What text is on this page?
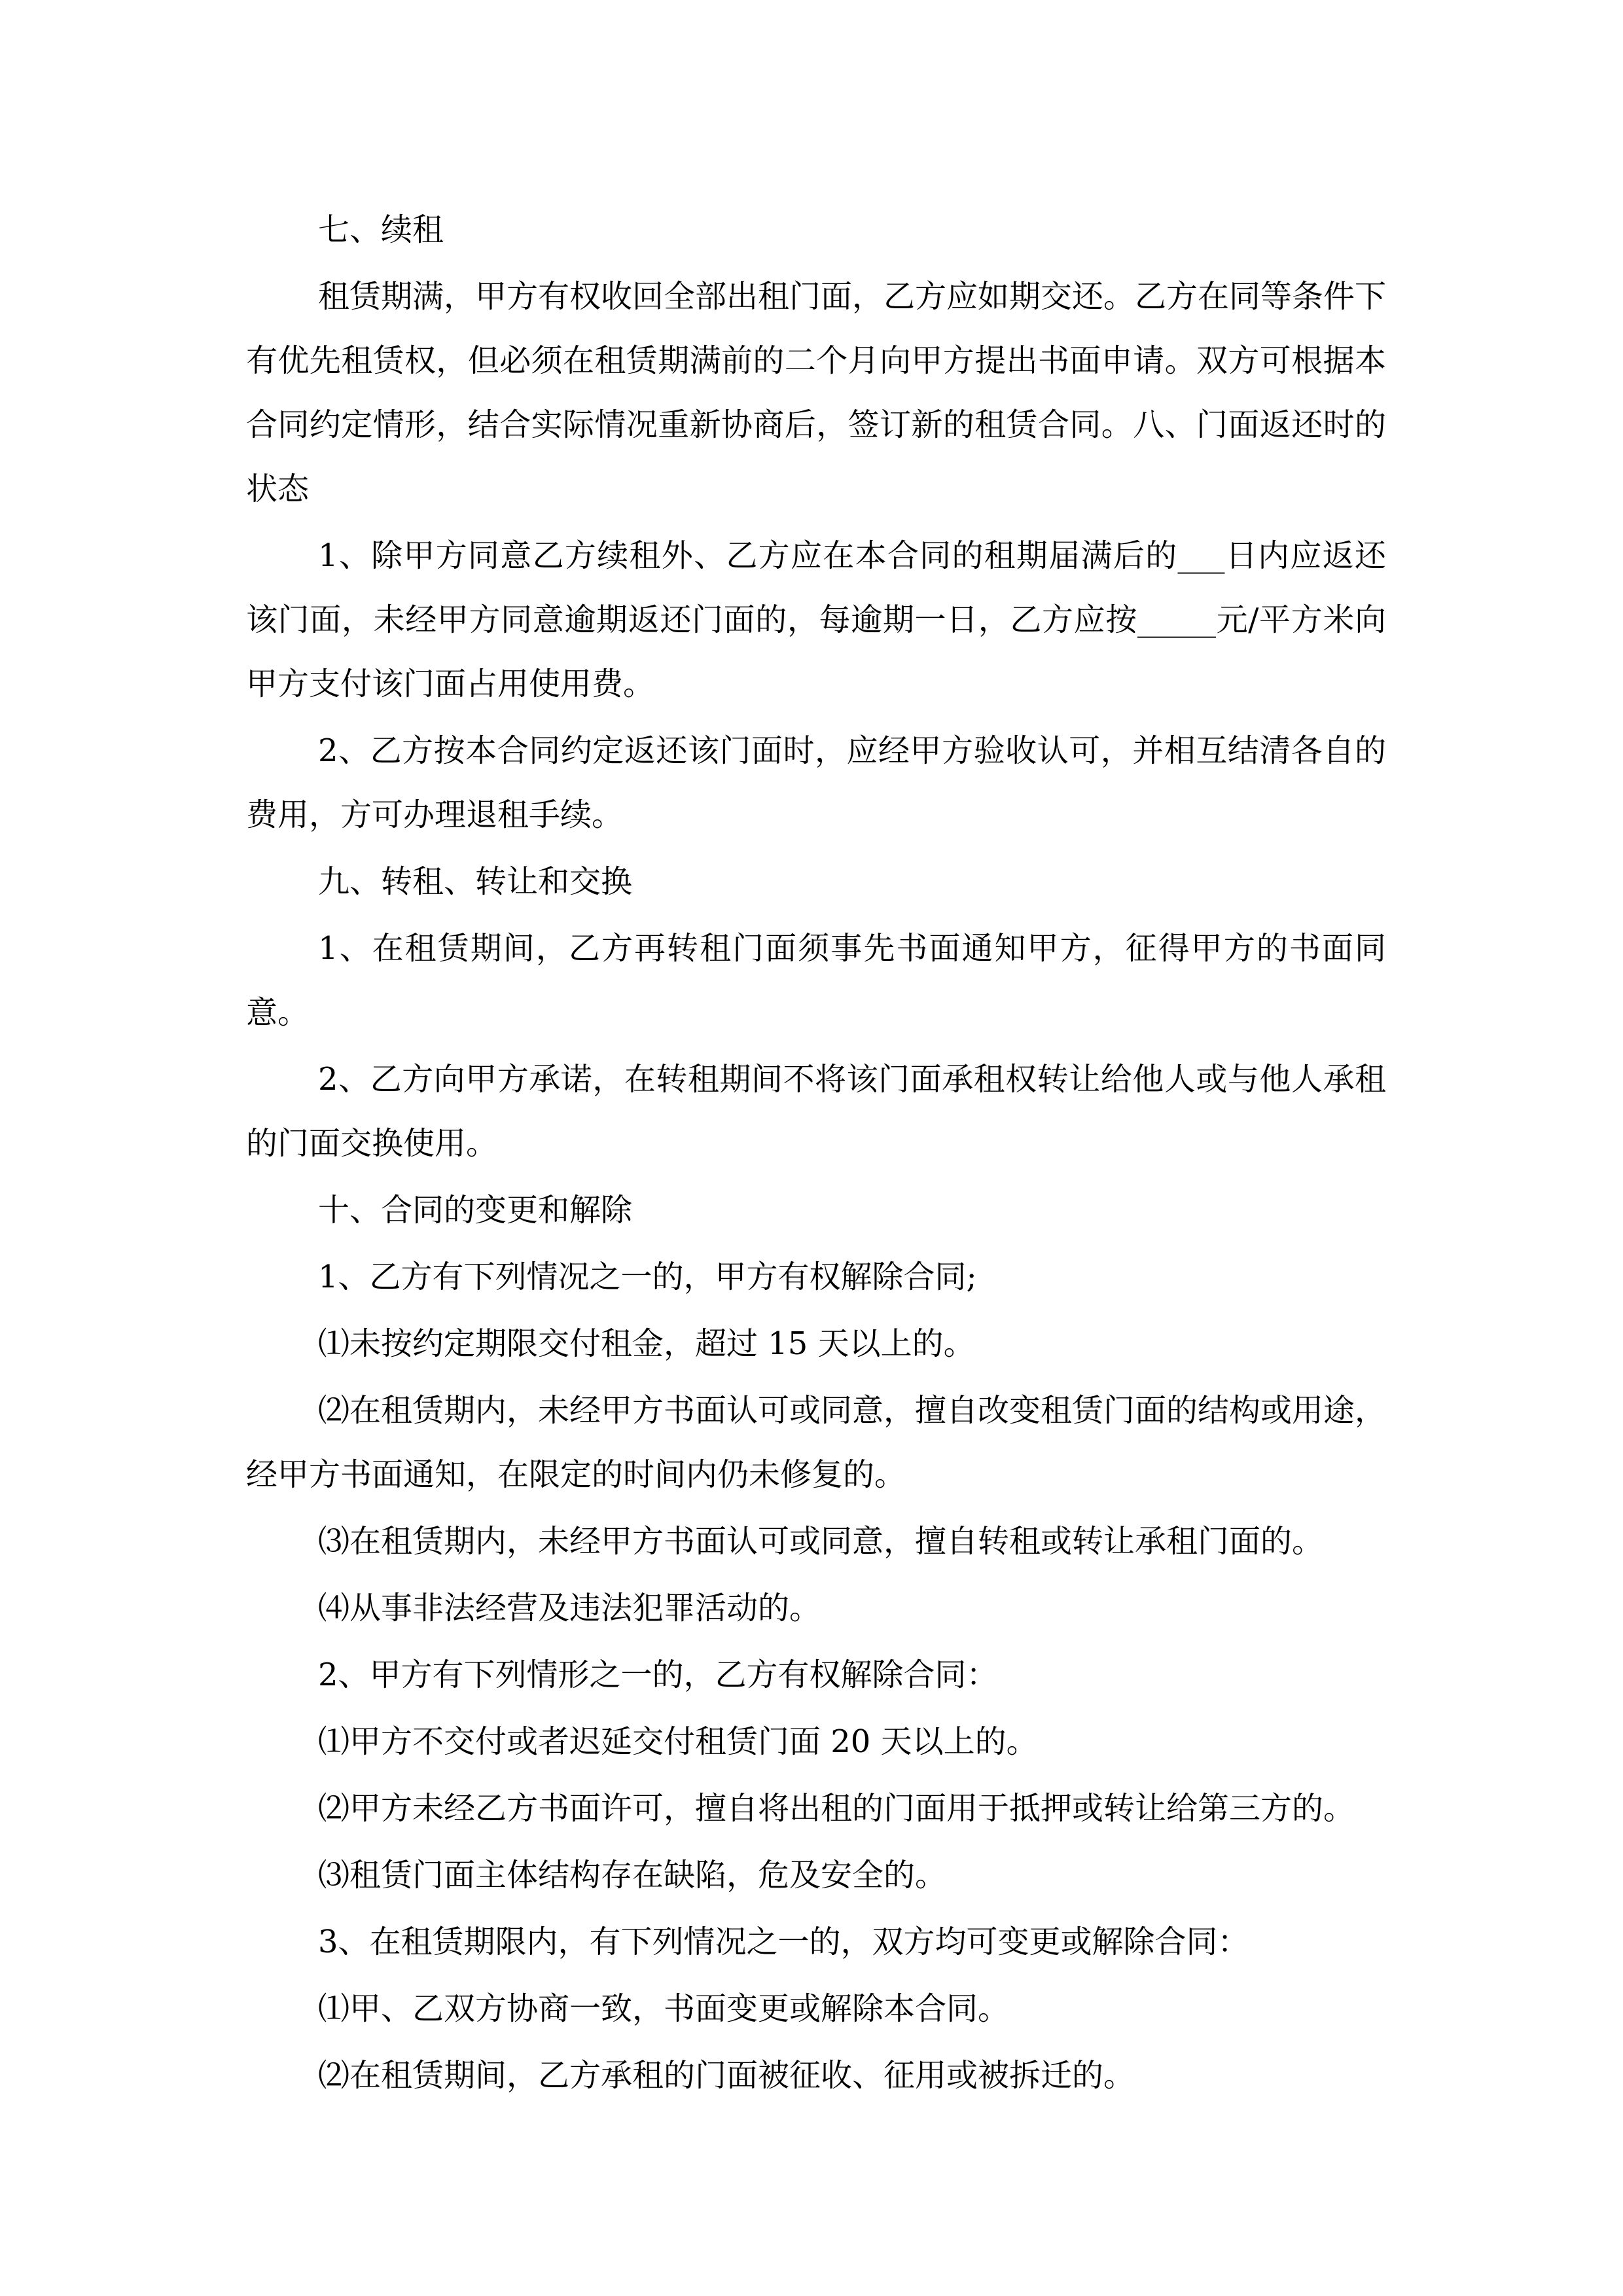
七、续租

租赁期满，甲方有权收回全部出租门面，乙方应如期交还。乙方在同等条件下有优先租赁权，但必须在租赁期满前的二个月向甲方提出书面申请。双方可根据本合同约定情形，结合实际情况重新协商后，签订新的租赁合同。八、门面返还时的状态

1、除甲方同意乙方续租外、乙方应在本合同的租期届满后的___日内应返还该门面，未经甲方同意逾期返还门面的，每逾期一日，乙方应按_____元/平方米向甲方支付该门面占用使用费。

2、乙方按本合同约定返还该门面时，应经甲方验收认可，并相互结清各自的费用，方可办理退租手续。

九、转租、转让和交换

1、在租赁期间，乙方再转租门面须事先书面通知甲方，征得甲方的书面同意。

2、乙方向甲方承诺，在转租期间不将该门面承租权转让给他人或与他人承租的门面交换使用。

十、合同的变更和解除

1、乙方有下列情况之一的，甲方有权解除合同;

⑴未按约定期限交付租金，超过 15 天以上的。

⑵在租赁期内，未经甲方书面认可或同意，擅自改变租赁门面的结构或用途，经甲方书面通知，在限定的时间内仍未修复的。

⑶在租赁期内，未经甲方书面认可或同意，擅自转租或转让承租门面的。

⑷从事非法经营及违法犯罪活动的。

2、甲方有下列情形之一的，乙方有权解除合同：

⑴甲方不交付或者迟延交付租赁门面 20 天以上的。

⑵甲方未经乙方书面许可，擅自将出租的门面用于抵押或转让给第三方的。

⑶租赁门面主体结构存在缺陷，危及安全的。

3、在租赁期限内，有下列情况之一的，双方均可变更或解除合同：

⑴甲、乙双方协商一致，书面变更或解除本合同。

⑵在租赁期间，乙方承租的门面被征收、征用或被拆迁的。
